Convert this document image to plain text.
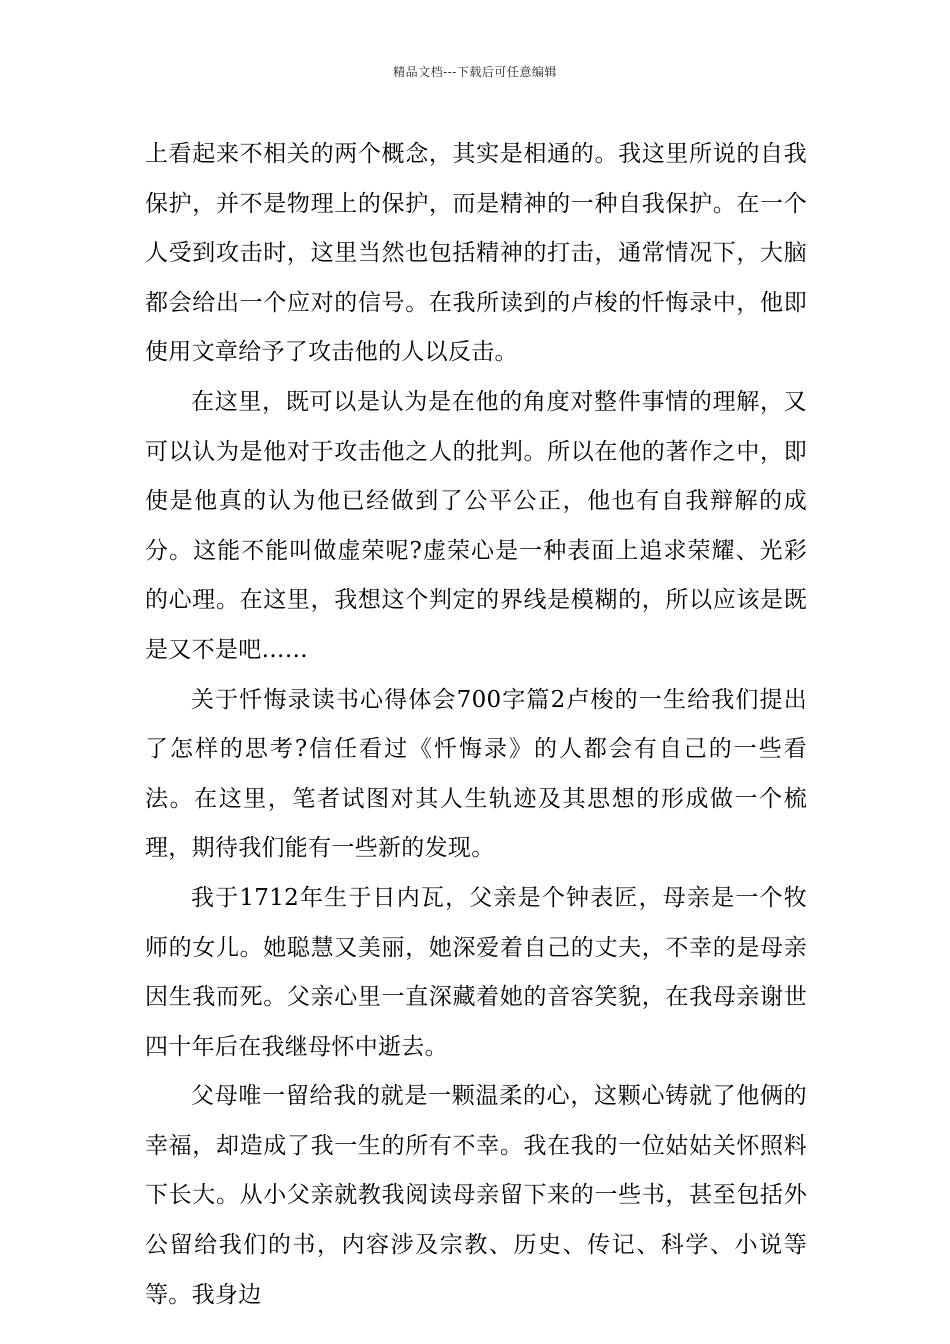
精品文档---下载后可任意编辑

上看起来不相关的两个概念，其实是相通的。我这里所说的自我保护，并不是物理上的保护，而是精神的一种自我保护。在一个人受到攻击时，这里当然也包括精神的打击，通常情况下，大脑都会给出一个应对的信号。在我所读到的卢梭的忏悔录中，他即使用文章给予了攻击他的人以反击。

在这里，既可以是认为是在他的角度对整件事情的理解，又可以认为是他对于攻击他之人的批判。所以在他的著作之中，即使是他真的认为他已经做到了公平公正，他也有自我辩解的成分。这能不能叫做虚荣呢?虚荣心是一种表面上追求荣耀、光彩的心理。在这里，我想这个判定的界线是模糊的，所以应该是既是又不是吧……

关于忏悔录读书心得体会700字篇2卢梭的一生给我们提出了怎样的思考?信任看过《忏悔录》的人都会有自己的一些看法。在这里，笔者试图对其人生轨迹及其思想的形成做一个梳理，期待我们能有一些新的发现。

我于1712年生于日内瓦，父亲是个钟表匠，母亲是一个牧师的女儿。她聪慧又美丽，她深爱着自己的丈夫，不幸的是母亲因生我而死。父亲心里一直深藏着她的音容笑貌，在我母亲谢世四十年后在我继母怀中逝去。

父母唯一留给我的就是一颗温柔的心，这颗心铸就了他俩的幸福，却造成了我一生的所有不幸。我在我的一位姑姑关怀照料下长大。从小父亲就教我阅读母亲留下来的一些书，甚至包括外公留给我们的书，内容涉及宗教、历史、传记、科学、小说等等。我身边
